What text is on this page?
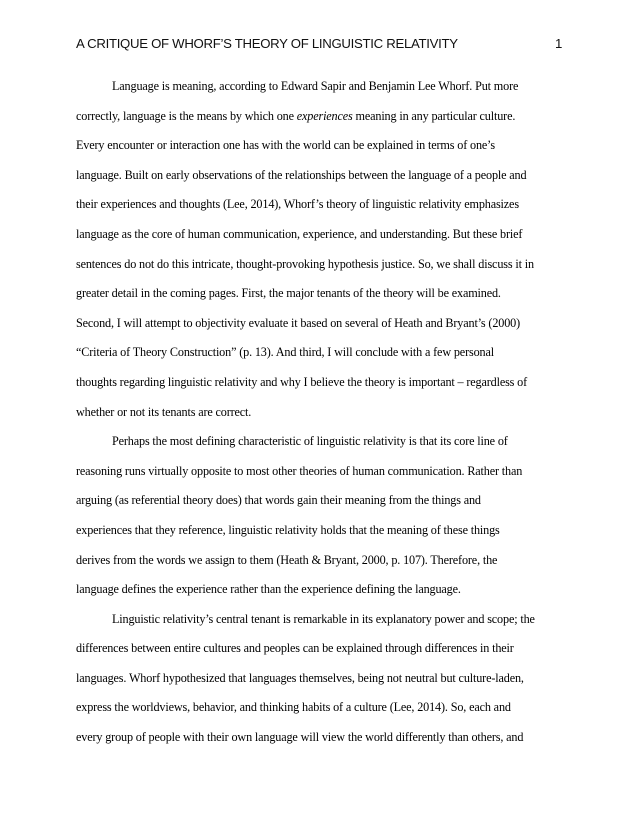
A CRITIQUE OF WHORF’S THEORY OF LINGUISTIC RELATIVITY	1
Language is meaning, according to Edward Sapir and Benjamin Lee Whorf. Put more
correctly, language is the means by which one experiences meaning in any particular culture.
Every encounter or interaction one has with the world can be explained in terms of one’s
language. Built on early observations of the relationships between the language of a people and
their experiences and thoughts (Lee, 2014), Whorf’s theory of linguistic relativity emphasizes
language as the core of human communication, experience, and understanding. But these brief
sentences do not do this intricate, thought-provoking hypothesis justice. So, we shall discuss it in
greater detail in the coming pages. First, the major tenants of the theory will be examined.
Second, I will attempt to objectivity evaluate it based on several of Heath and Bryant’s (2000)
“Criteria of Theory Construction” (p. 13). And third, I will conclude with a few personal
thoughts regarding linguistic relativity and why I believe the theory is important – regardless of
whether or not its tenants are correct.
Perhaps the most defining characteristic of linguistic relativity is that its core line of
reasoning runs virtually opposite to most other theories of human communication. Rather than
arguing (as referential theory does) that words gain their meaning from the things and
experiences that they reference, linguistic relativity holds that the meaning of these things
derives from the words we assign to them (Heath & Bryant, 2000, p. 107). Therefore, the
language defines the experience rather than the experience defining the language.
Linguistic relativity’s central tenant is remarkable in its explanatory power and scope; the
differences between entire cultures and peoples can be explained through differences in their
languages. Whorf hypothesized that languages themselves, being not neutral but culture-laden,
express the worldviews, behavior, and thinking habits of a culture (Lee, 2014). So, each and
every group of people with their own language will view the world differently than others, and
